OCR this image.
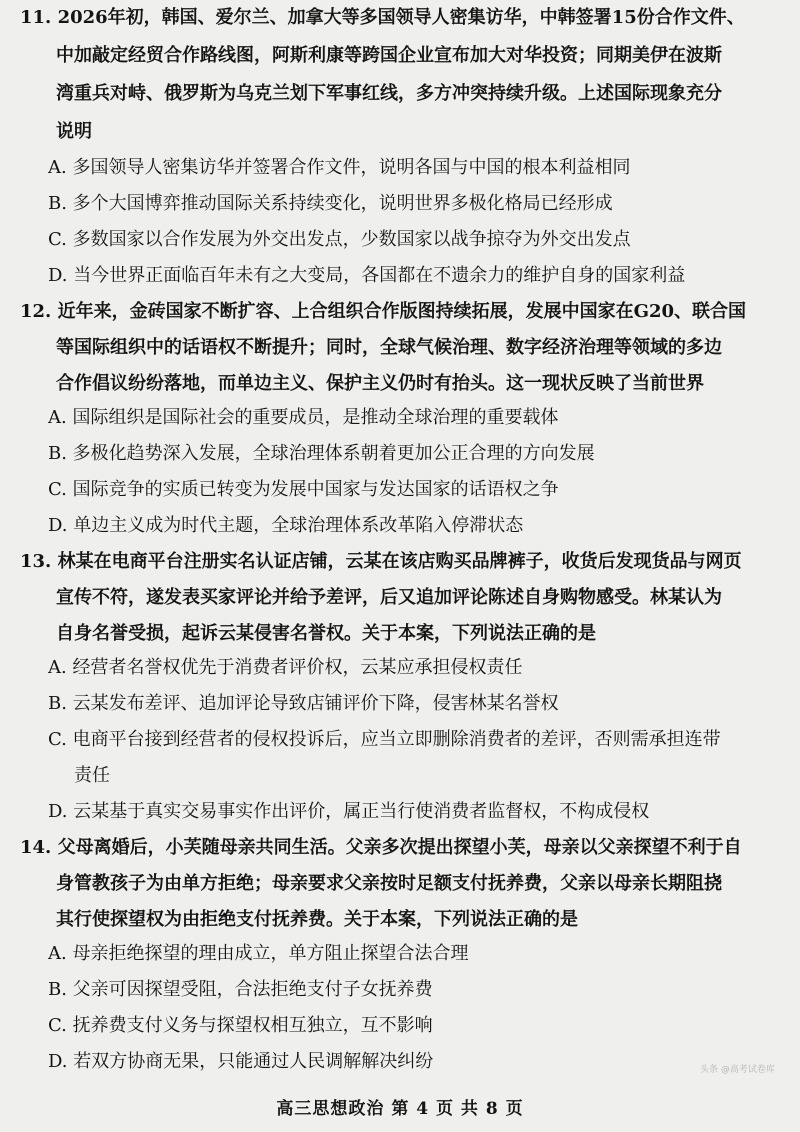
11. 2026年初，韩国、爱尔兰、加拿大等多国领导人密集访华，中韩签署15份合作文件、
中加敲定经贸合作路线图，阿斯利康等跨国企业宣布加大对华投资；同期美伊在波斯
湾重兵对峙、俄罗斯为乌克兰划下军事红线，多方冲突持续升级。上述国际现象充分
说明
A. 多国领导人密集访华并签署合作文件，说明各国与中国的根本利益相同
B. 多个大国博弈推动国际关系持续变化，说明世界多极化格局已经形成
C. 多数国家以合作发展为外交出发点，少数国家以战争掠夺为外交出发点
D. 当今世界正面临百年未有之大变局，各国都在不遗余力的维护自身的国家利益
12. 近年来，金砖国家不断扩容、上合组织合作版图持续拓展，发展中国家在G20、联合国
等国际组织中的话语权不断提升；同时，全球气候治理、数字经济治理等领域的多边
合作倡议纷纷落地，而单边主义、保护主义仍时有抬头。这一现状反映了当前世界
A. 国际组织是国际社会的重要成员，是推动全球治理的重要载体
B. 多极化趋势深入发展，全球治理体系朝着更加公正合理的方向发展
C. 国际竞争的实质已转变为发展中国家与发达国家的话语权之争
D. 单边主义成为时代主题，全球治理体系改革陷入停滞状态
13. 林某在电商平台注册实名认证店铺，云某在该店购买品牌裤子，收货后发现货品与网页
宣传不符，遂发表买家评论并给予差评，后又追加评论陈述自身购物感受。林某认为
自身名誉受损，起诉云某侵害名誉权。关于本案，下列说法正确的是
A. 经营者名誉权优先于消费者评价权，云某应承担侵权责任
B. 云某发布差评、追加评论导致店铺评价下降，侵害林某名誉权
C. 电商平台接到经营者的侵权投诉后，应当立即删除消费者的差评，否则需承担连带
责任
D. 云某基于真实交易事实作出评价，属正当行使消费者监督权，不构成侵权
14. 父母离婚后，小芙随母亲共同生活。父亲多次提出探望小芙，母亲以父亲探望不利于自
身管教孩子为由单方拒绝；母亲要求父亲按时足额支付抚养费，父亲以母亲长期阻挠
其行使探望权为由拒绝支付抚养费。关于本案，下列说法正确的是
A. 母亲拒绝探望的理由成立，单方阻止探望合法合理
B. 父亲可因探望受阻，合法拒绝支付子女抚养费
C. 抚养费支付义务与探望权相互独立，互不影响
D. 若双方协商无果，只能通过人民调解解决纠纷	头条 @高考试卷库
高三思想政治 第 4 页 共 8 页
